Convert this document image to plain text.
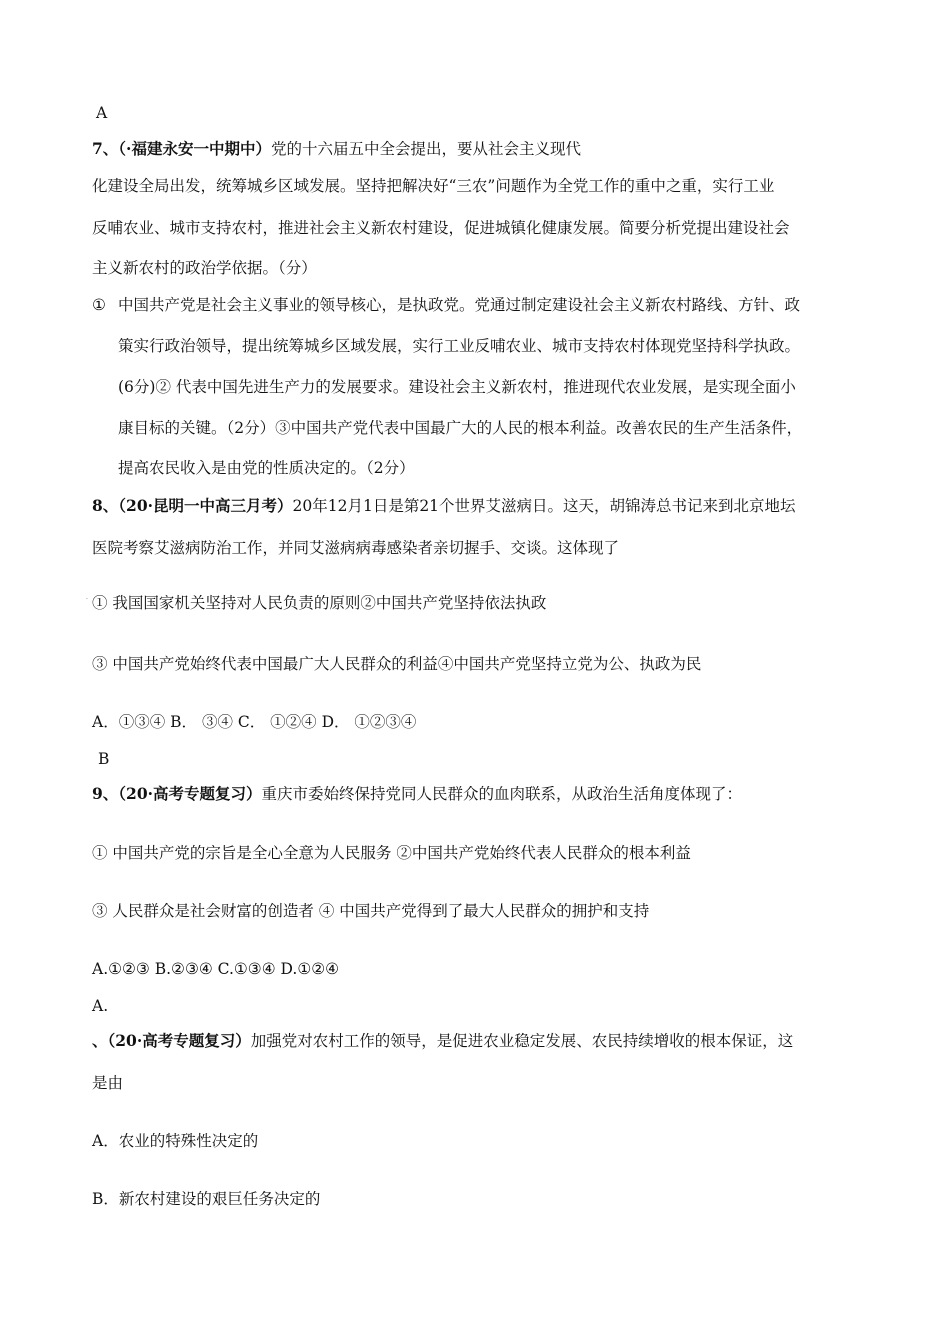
A
7、（·福建永安一中期中）党的十六届五中全会提出，要从社会主义现代
化建设全局出发，统筹城乡区域发展。坚持把解决好“三农”问题作为全党工作的重中之重，实行工业
反哺农业、城市支持农村，推进社会主义新农村建设，促进城镇化健康发展。简要分析党提出建设社会
主义新农村的政治学依据。（分）
① 中国共产党是社会主义事业的领导核心，是执政党。党通过制定建设社会主义新农村路线、方针、政
策实行政治领导，提出统筹城乡区域发展，实行工业反哺农业、城市支持农村体现党坚持科学执政。
(6分)② 代表中国先进生产力的发展要求。建设社会主义新农村，推进现代农业发展，是实现全面小
康目标的关键。（2分）③中国共产党代表中国最广大的人民的根本利益。改善农民的生产生活条件，
提高农民收入是由党的性质决定的。（2分）
8、（20·昆明一中高三月考）20年12月1日是第21个世界艾滋病日。这天，胡锦涛总书记来到北京地坛
医院考察艾滋病防治工作，并同艾滋病病毒感染者亲切握手、交谈。这体现了
· ① 我国国家机关坚持对人民负责的原则②中国共产党坚持依法执政
③ 中国共产党始终代表中国最广大人民群众的利益④中国共产党坚持立党为公、执政为民
A．①③④ B． ③④ C． ①②④ D． ①②③④
B
9、（20·高考专题复习）重庆市委始终保持党同人民群众的血肉联系，从政治生活角度体现了：
① 中国共产党的宗旨是全心全意为人民服务 ②中国共产党始终代表人民群众的根本利益
③ 人民群众是社会财富的创造者 ④ 中国共产党得到了最大人民群众的拥护和支持
A.①②③ B.②③④ C.①③④ D.①②④
A.
、（20·高考专题复习）加强党对农村工作的领导，是促进农业稳定发展、农民持续增收的根本保证，这
是由
A．农业的特殊性决定的
B．新农村建设的艰巨任务决定的
